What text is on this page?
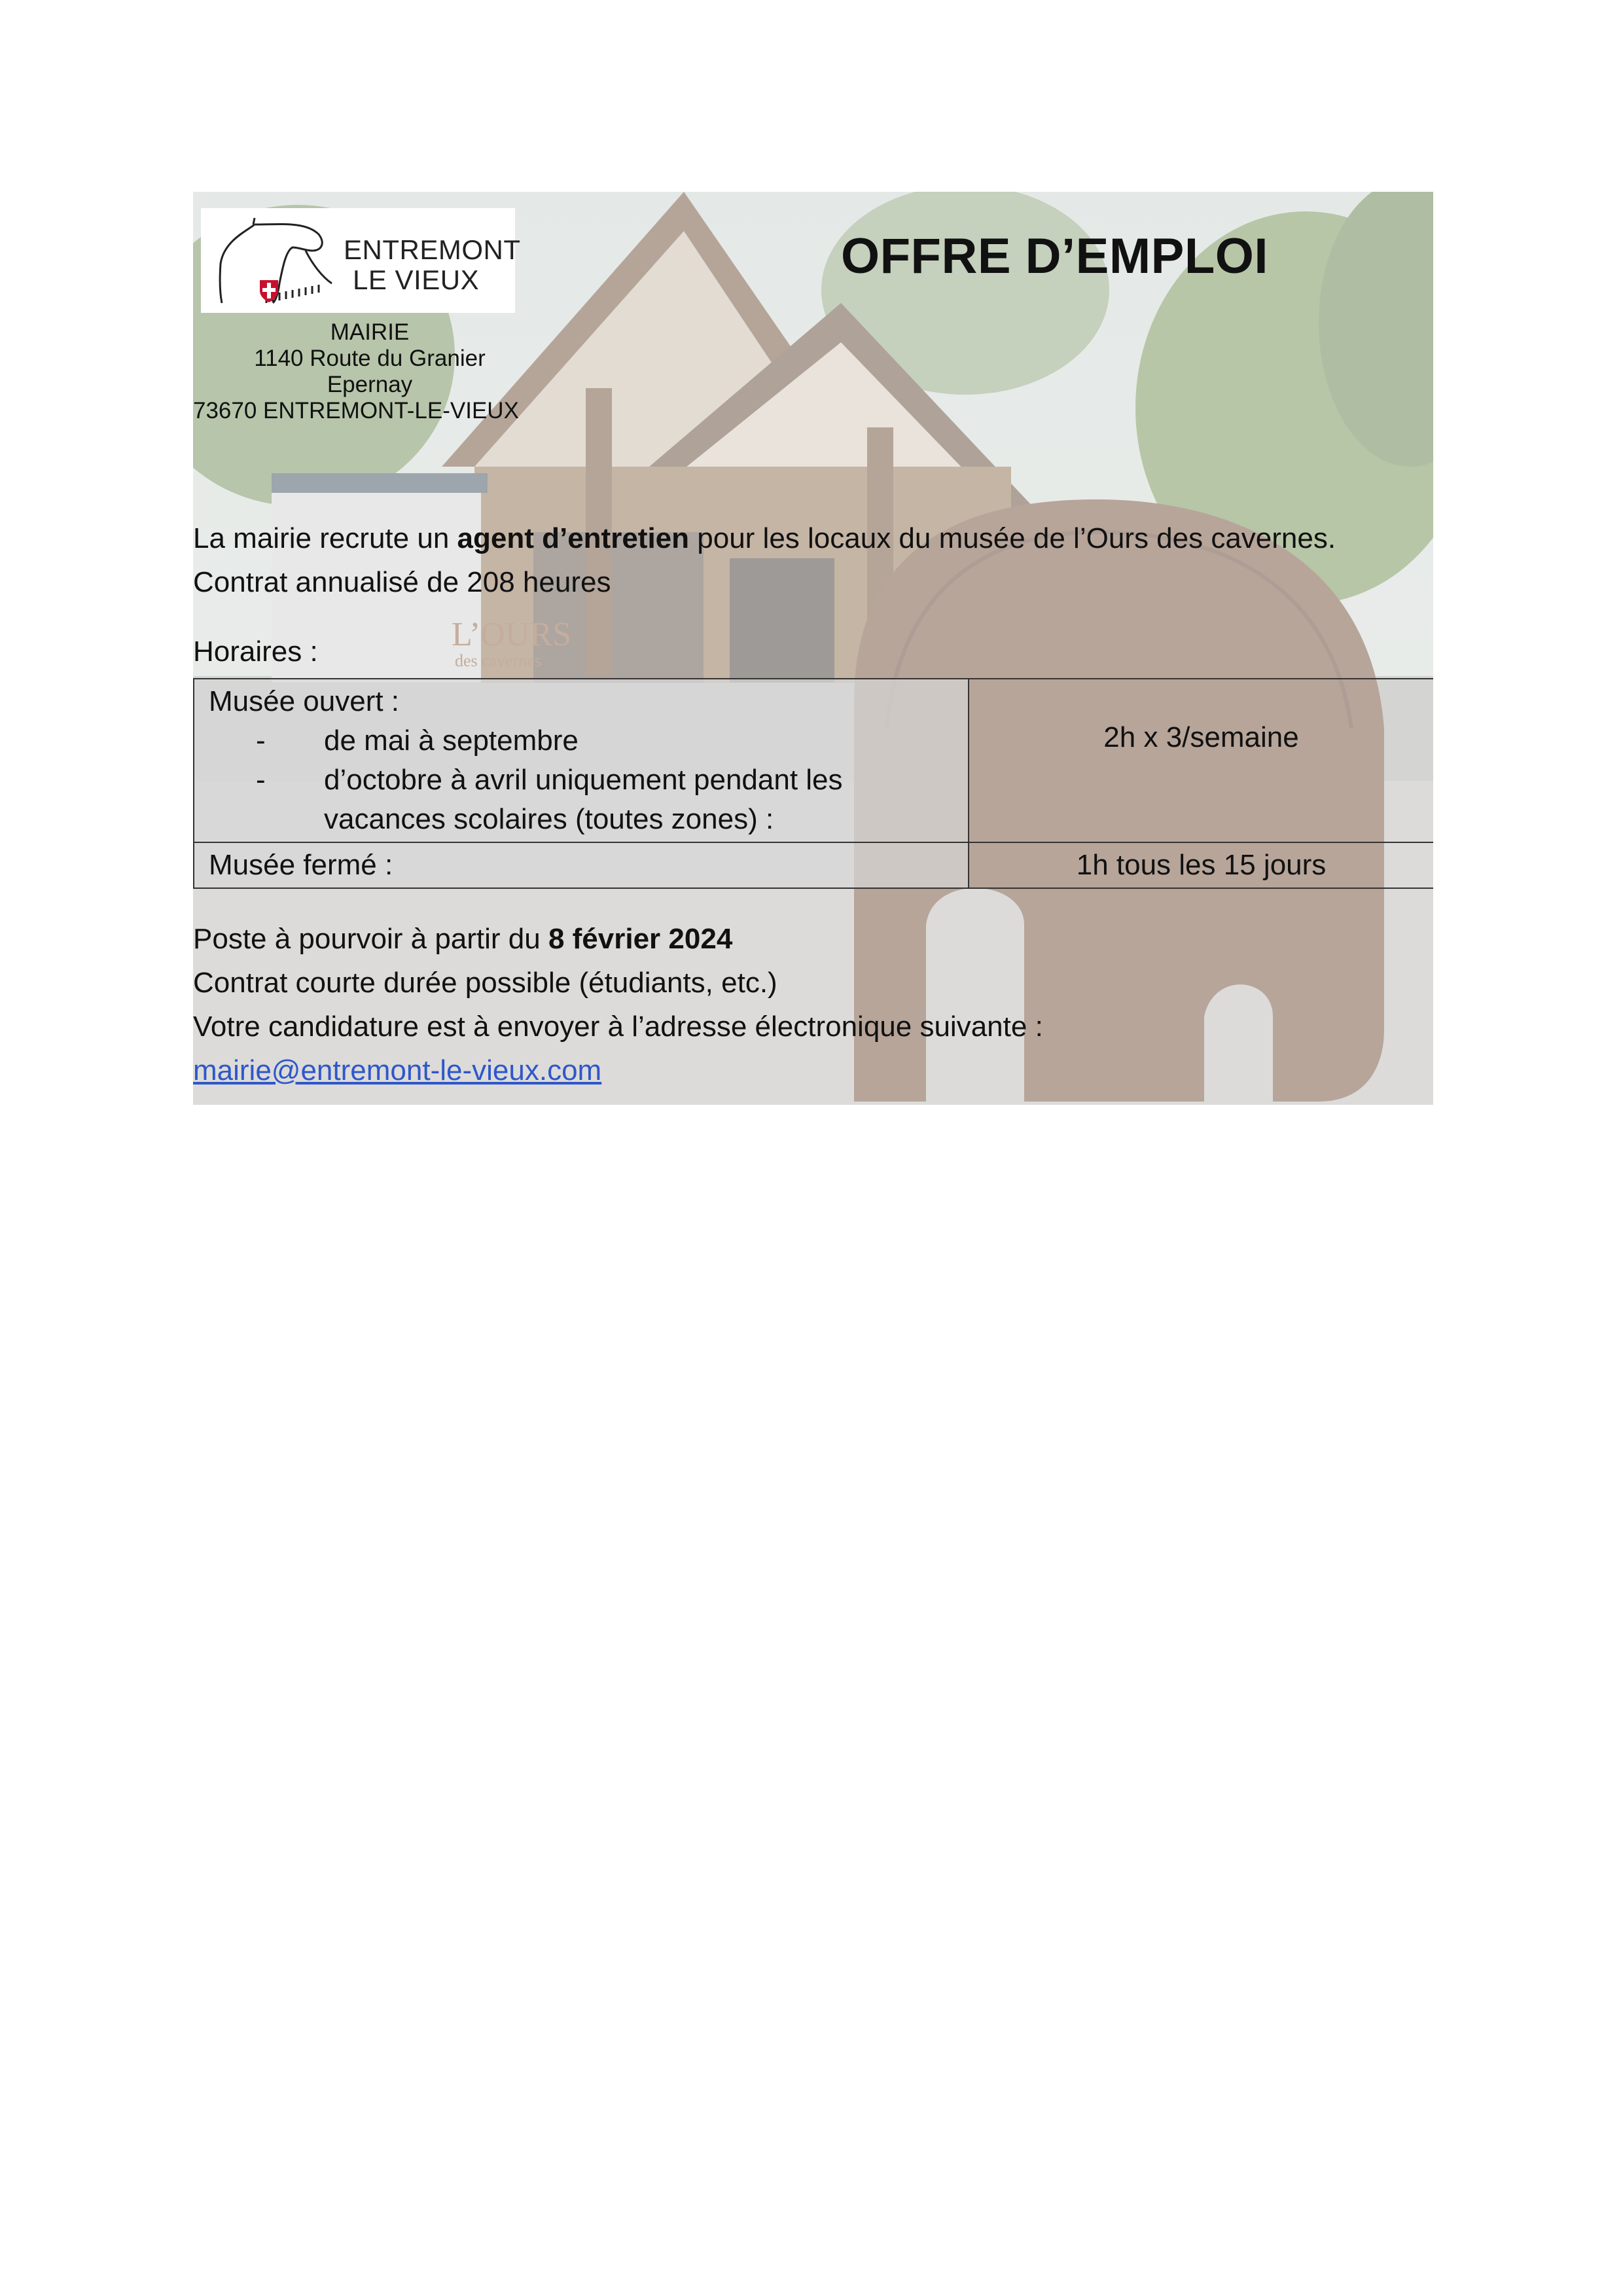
ENTREMONT
LE VIEUX
MAIRIE
1140 Route du Granier
Epernay
73670 ENTREMONT-LE-VIEUX
OFFRE D’EMPLOI
La mairie recrute un agent d’entretien pour les locaux du musée de l’Ours des cavernes.
Contrat annualisé de 208 heures
Horaires :
Musée ouvert :
- de mai à septembre
- d’octobre à avril uniquement pendant les
vacances scolaires (toutes zones) :
2h x 3/semaine
Musée fermé :	1h tous les 15 jours
Poste à pourvoir à partir du 8 février 2024
Contrat courte durée possible (étudiants, etc.)
Votre candidature est à envoyer à l’adresse électronique suivante :
mairie@entremont-le-vieux.com
